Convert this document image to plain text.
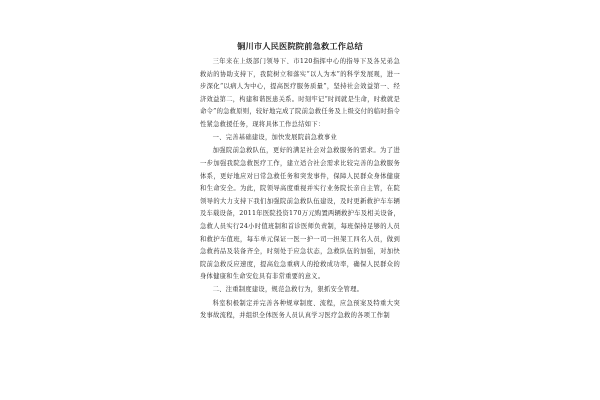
铜川市人民医院院前急救工作总结

三年来在上级部门领导下、市120指挥中心的指导下及各兄弟急救站的协助支持下，我院树立和落实“以人为本”的科学发展观，进一步深化“以病人为中心，提高医疗服务质量”，坚持社会效益第一、经济效益第二，构建和谐医患关系。时刻牢记“时间就是生命，时救就是命令”的急救原则，较好地完成了院前急救任务及上级交付的临时指令性紧急救援任务，现将具体工作总结如下：

一、完善基础建设，加快发展院前急救事业

加强院前急救队伍，更好的满足社会对急救服务的需求。为了进一步加强我院急救医疗工作，建立适合社会需求比较完善的急救服务体系，更好地应对日常急救任务和突发事件，保障人民群众身体健康和生命安全。为此，院领导高度重视并实行业务院长亲自主管，在院领导的大力支持下我们加强院前急救队伍建设，及时更新救护车车辆及车载设备，2011年医院投资170万元购置两辆救护车及相关设备，急救人员实行24小时值班制和首诊医师负责制，每班保持足够的人员和救护车值班，每车单元保证一医一护一司一担架工四名人员，做到急救药品及装备齐全，时刻处于应急状态，急救队伍的加强，对加快院前急救反应速度，提高危急重病人的抢救成功率，确保人民群众的身体健康和生命安危具有非常重要的意义。

二、注重制度建设，规范急救行为，狠抓安全管理。

科室积极制定并完善各种规章制度、流程，应急预案及特重大突发事故流程，并组织全体医务人员认真学习医疗急救的各项工作制
